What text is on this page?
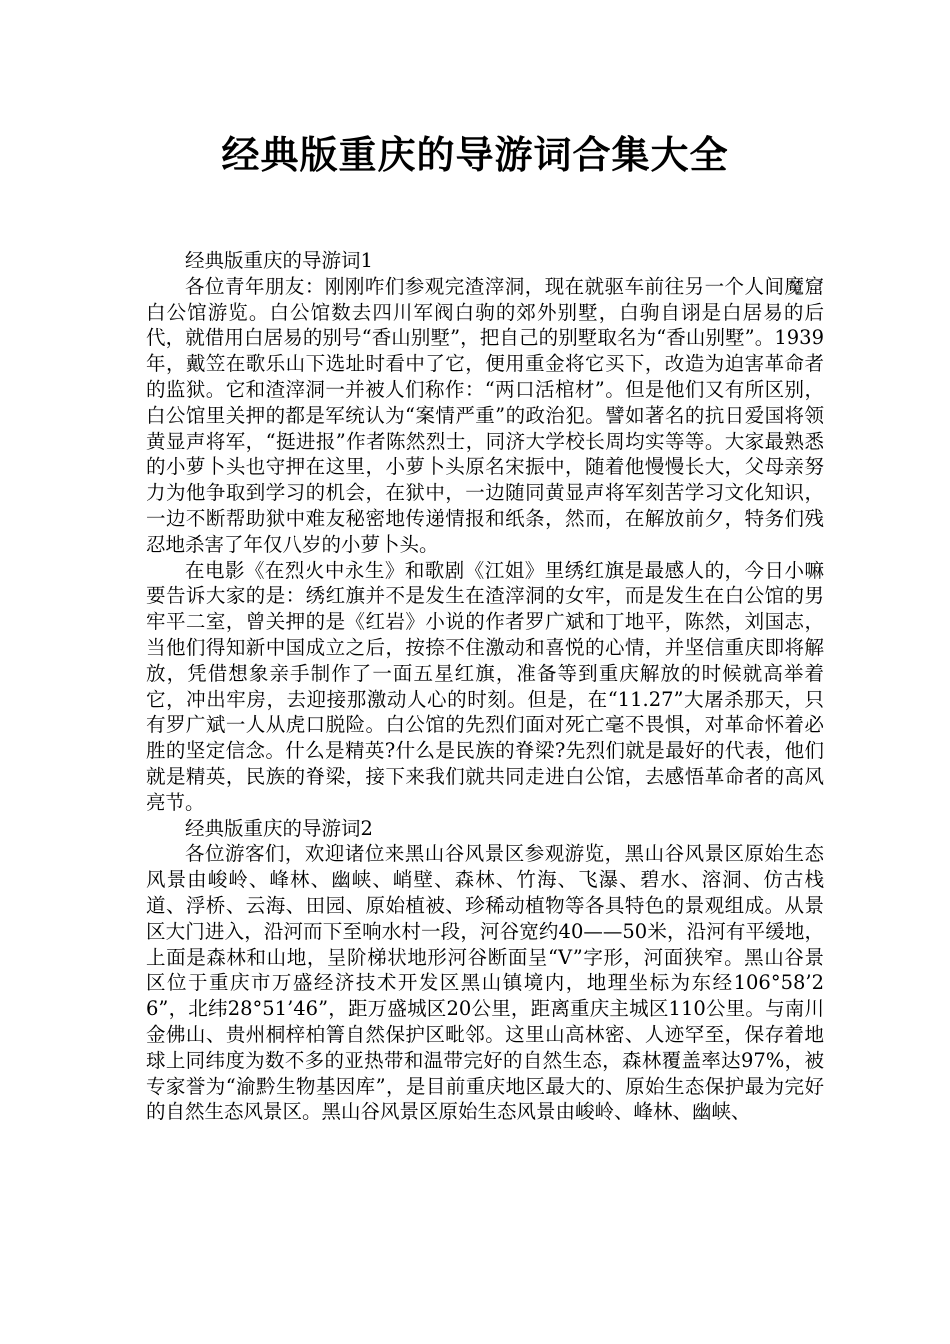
经典版重庆的导游词合集大全

经典版重庆的导游词1

各位青年朋友：刚刚咋们参观完渣滓洞，现在就驱车前往另一个人间魔窟白公馆游览。白公馆数去四川军阀白驹的郊外别墅，白驹自诩是白居易的后代，就借用白居易的别号“香山别墅”，把自己的别墅取名为“香山别墅”。1939年，戴笠在歌乐山下选址时看中了它，便用重金将它买下，改造为迫害革命者的监狱。它和渣滓洞一并被人们称作：“两口活棺材”。但是他们又有所区别，白公馆里关押的都是军统认为“案情严重”的政治犯。譬如著名的抗日爱国将领黄显声将军，“挺进报”作者陈然烈士，同济大学校长周均实等等。大家最熟悉的小萝卜头也守押在这里，小萝卜头原名宋振中，随着他慢慢长大，父母亲努力为他争取到学习的机会，在狱中，一边随同黄显声将军刻苦学习文化知识，一边不断帮助狱中难友秘密地传递情报和纸条，然而，在解放前夕，特务们残忍地杀害了年仅八岁的小萝卜头。

在电影《在烈火中永生》和歌剧《江姐》里绣红旗是最感人的，今日小嘛要告诉大家的是：绣红旗并不是发生在渣滓洞的女牢，而是发生在白公馆的男牢平二室，曾关押的是《红岩》小说的作者罗广斌和丁地平，陈然，刘国志，当他们得知新中国成立之后，按捺不住激动和喜悦的心情，并坚信重庆即将解放，凭借想象亲手制作了一面五星红旗，准备等到重庆解放的时候就高举着它，冲出牢房，去迎接那激动人心的时刻。但是，在“11.27”大屠杀那天，只有罗广斌一人从虎口脱险。白公馆的先烈们面对死亡毫不畏惧，对革命怀着必胜的坚定信念。什么是精英?什么是民族的脊梁?先烈们就是最好的代表，他们就是精英，民族的脊梁，接下来我们就共同走进白公馆，去感悟革命者的高风亮节。

经典版重庆的导游词2

各位游客们，欢迎诸位来黑山谷风景区参观游览，黑山谷风景区原始生态风景由峻岭、峰林、幽峡、峭壁、森林、竹海、飞瀑、碧水、溶洞、仿古栈道、浮桥、云海、田园、原始植被、珍稀动植物等各具特色的景观组成。从景区大门进入，沿河而下至响水村一段，河谷宽约40——50米，沿河有平缓地，上面是森林和山地，呈阶梯状地形河谷断面呈“V”字形，河面狭窄。黑山谷景区位于重庆市万盛经济技术开发区黑山镇境内，地理坐标为东经106°58’26”，北纬28°51’46”，距万盛城区20公里，距离重庆主城区110公里。与南川金佛山、贵州桐梓柏箐自然保护区毗邻。这里山高林密、人迹罕至，保存着地球上同纬度为数不多的亚热带和温带完好的自然生态，森林覆盖率达97%，被专家誉为“渝黔生物基因库”，是目前重庆地区最大的、原始生态保护最为完好的自然生态风景区。黑山谷风景区原始生态风景由峻岭、峰林、幽峡、
